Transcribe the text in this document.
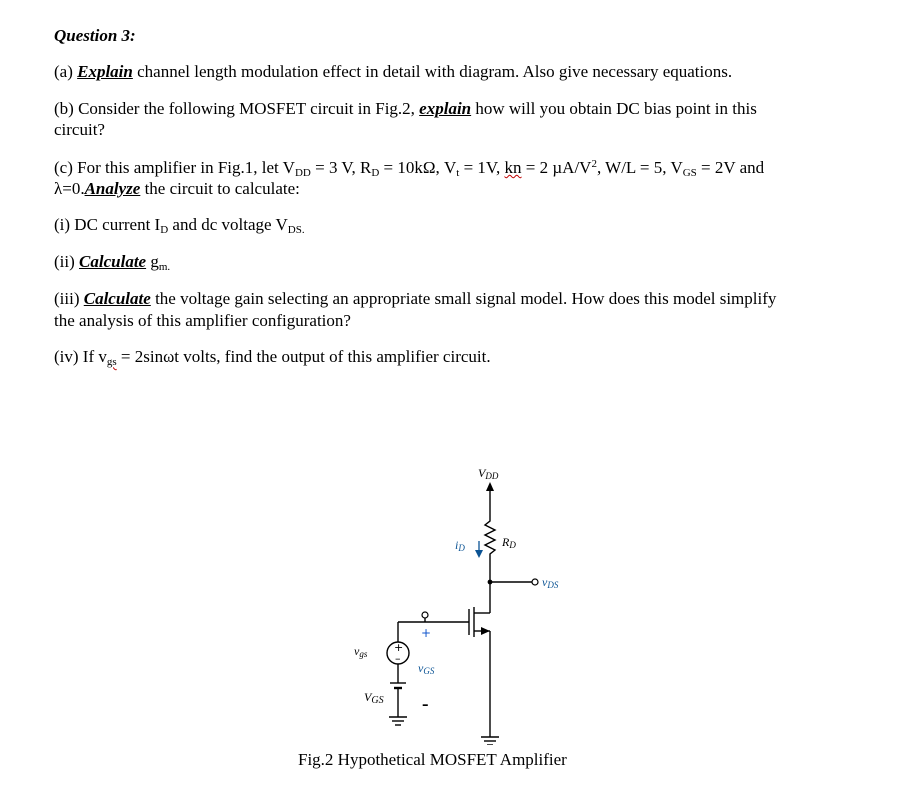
Question 3:
(a) Explain channel length modulation effect in detail with diagram. Also give necessary equations.
(b) Consider the following MOSFET circuit in Fig.2, explain how will you obtain DC bias point in this
circuit?
(c) For this amplifier in Fig.1, let $V_{DD} = 3$ V, $R_D = 10k\Omega$, $V_t = 1V$, kn = 2 $\mu A/V^2$, W/L = 5, $V_{GS} = 2V$ and
λ=0.Analyze the circuit to calculate:
(i) DC current $I_D$ and dc voltage $V_{DS.}$
(ii) Calculate $g_{m.}$
(iii) Calculate the voltage gain selecting an appropriate small signal model. How does this model simplify
the analysis of this amplifier configuration?
(iv) If $v_{gs} = 2\sin\omega t$ volts, find the output of this amplifier circuit.
VDD
RD
iD
vDS
+
vGS
–
+
–
vgs
VGS
Fig.2 Hypothetical MOSFET Amplifier
